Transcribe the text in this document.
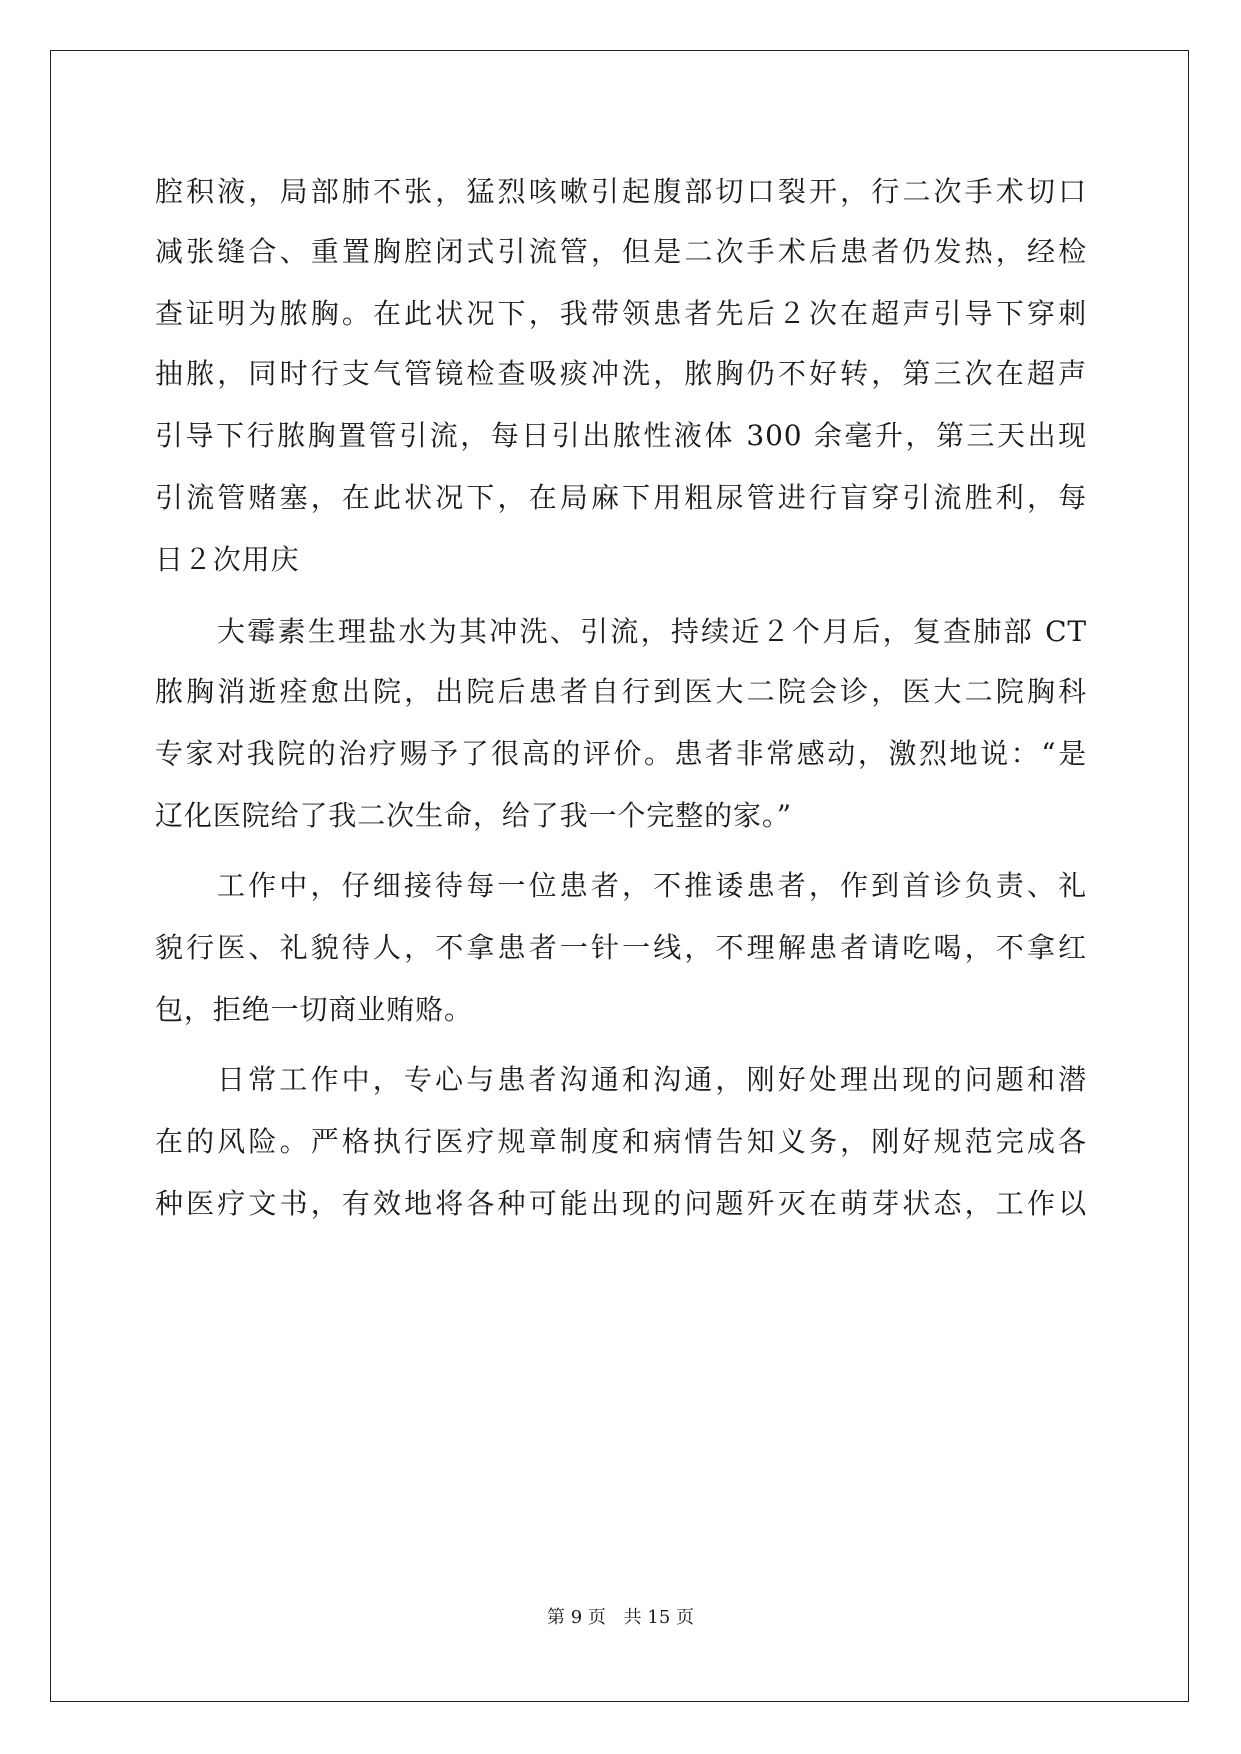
腔积液，局部肺不张，猛烈咳嗽引起腹部切口裂开，行二次手术切口
减张缝合、重置胸腔闭式引流管，但是二次手术后患者仍发热，经检
查证明为脓胸。在此状况下，我带领患者先后２次在超声引导下穿刺
抽脓，同时行支气管镜检查吸痰冲洗，脓胸仍不好转，第三次在超声
引导下行脓胸置管引流，每日引出脓性液体 300 余毫升，第三天出现
引流管赌塞，在此状况下，在局麻下用粗尿管进行盲穿引流胜利，每
日２次用庆
大霉素生理盐水为其冲洗、引流，持续近２个月后，复查肺部 CT
脓胸消逝痊愈出院，出院后患者自行到医大二院会诊，医大二院胸科
专家对我院的治疗赐予了很高的评价。患者非常感动，激烈地说：“是
辽化医院给了我二次生命，给了我一个完整的家。”
工作中，仔细接待每一位患者，不推诿患者，作到首诊负责、礼
貌行医、礼貌待人，不拿患者一针一线，不理解患者请吃喝，不拿红
包，拒绝一切商业贿赂。
日常工作中，专心与患者沟通和沟通，刚好处理出现的问题和潜
在的风险。严格执行医疗规章制度和病情告知义务，刚好规范完成各
种医疗文书，有效地将各种可能出现的问题歼灭在萌芽状态，工作以
第 9 页 共 15 页
